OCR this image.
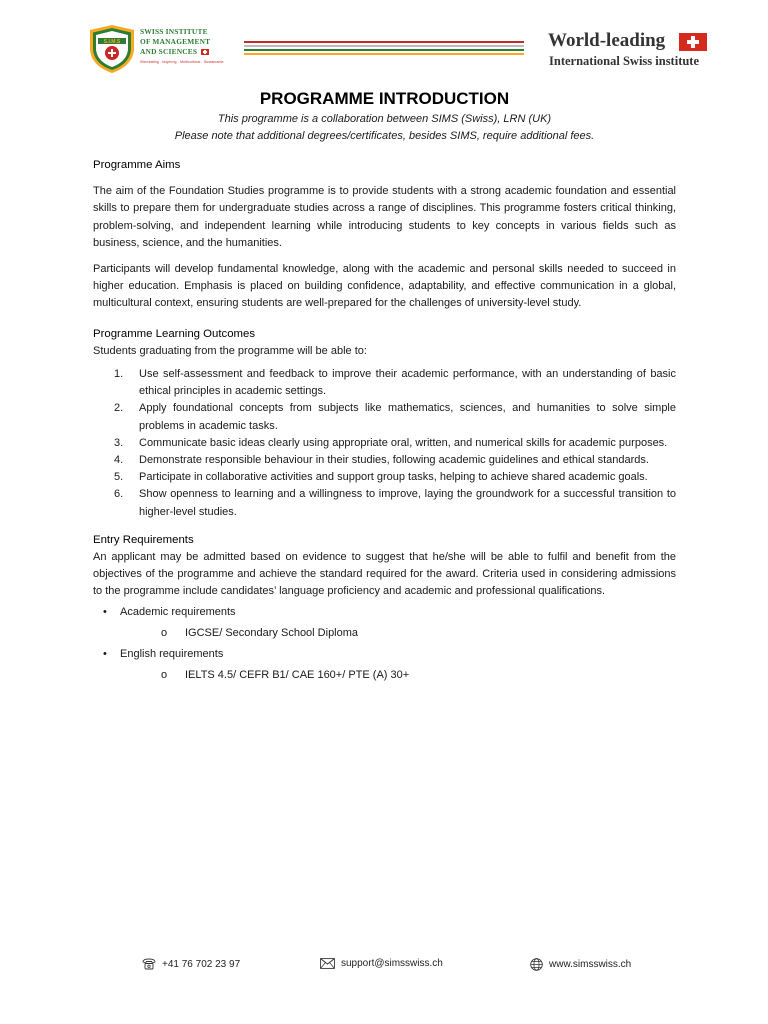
S.I.M.S
SWISS INSTITUTE
OF MANAGEMENT
AND SCIENCES
Stimulating . Inspiring . Multicultural . Sustainable
World-leading
International Swiss institute
PROGRAMME INTRODUCTION
This programme is a collaboration between SIMS (Swiss), LRN (UK)
Please note that additional degrees/certificates, besides SIMS, require additional fees.
Programme Aims
The aim of the Foundation Studies programme is to provide students with a strong academic foundation and essential skills to prepare them for undergraduate studies across a range of disciplines. This programme fosters critical thinking, problem-solving, and independent learning while introducing students to key concepts in various fields such as business, science, and the humanities.
Participants will develop fundamental knowledge, along with the academic and personal skills needed to succeed in higher education. Emphasis is placed on building confidence, adaptability, and effective communication in a global, multicultural context, ensuring students are well-prepared for the challenges of university-level study.
Programme Learning Outcomes
Students graduating from the programme will be able to:
1. Use self-assessment and feedback to improve their academic performance, with an understanding of basic ethical principles in academic settings.
2. Apply foundational concepts from subjects like mathematics, sciences, and humanities to solve simple problems in academic tasks.
3. Communicate basic ideas clearly using appropriate oral, written, and numerical skills for academic purposes.
4. Demonstrate responsible behaviour in their studies, following academic guidelines and ethical standards.
5. Participate in collaborative activities and support group tasks, helping to achieve shared academic goals.
6. Show openness to learning and a willingness to improve, laying the groundwork for a successful transition to higher-level studies.
Entry Requirements
An applicant may be admitted based on evidence to suggest that he/she will be able to fulfil and benefit from the objectives of the programme and achieve the standard required for the award. Criteria used in considering admissions to the programme include candidates’ language proficiency and academic and professional qualifications.
• Academic requirements
o IGCSE/ Secondary School Diploma
• English requirements
o IELTS 4.5/ CEFR B1/ CAE 160+/ PTE (A) 30+
+41 76 702 23 97	support@simsswiss.ch	www.simsswiss.ch
